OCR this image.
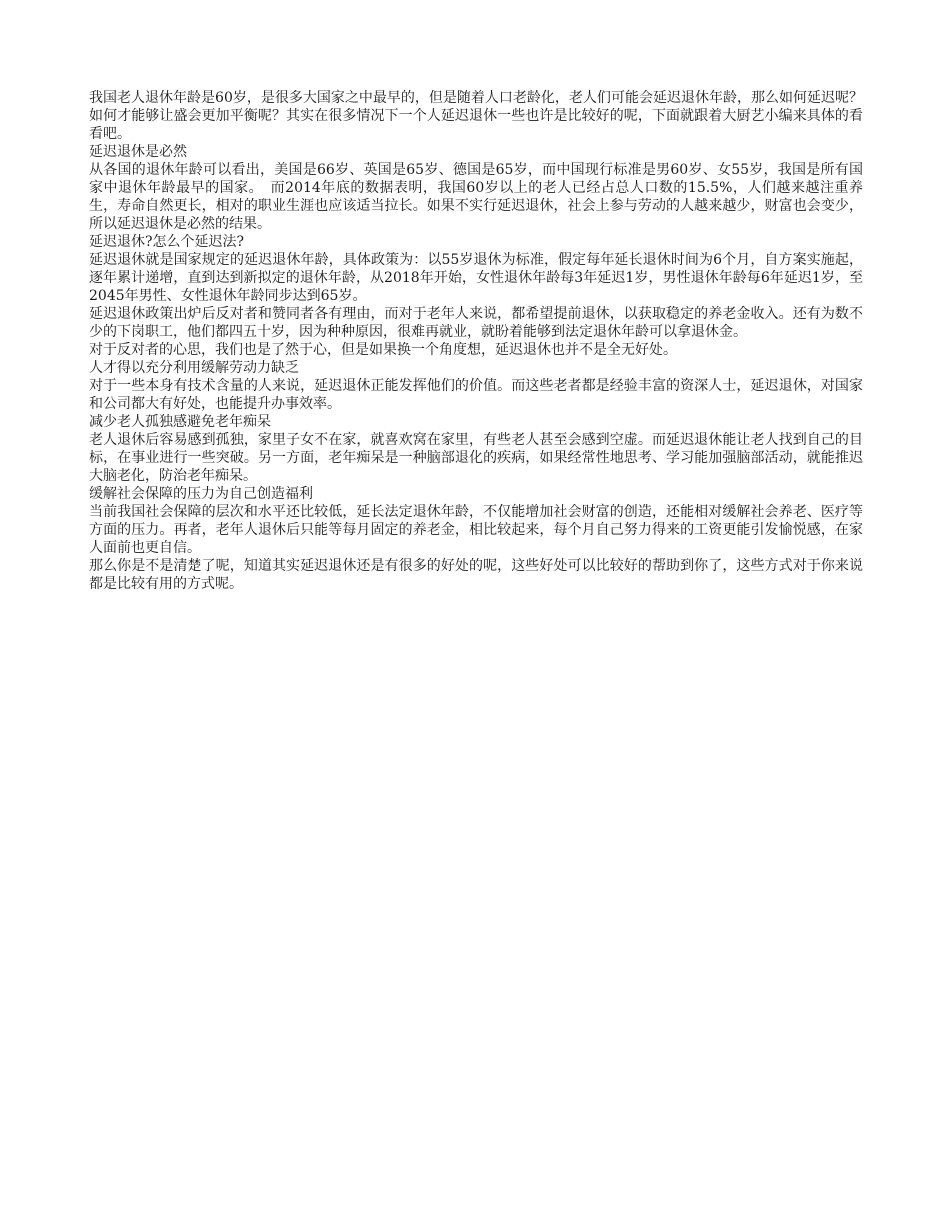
我国老人退休年龄是60岁，是很多大国家之中最早的，但是随着人口老龄化，老人们可能会延迟退休年龄，那么如何延迟呢？如何才能够让盛会更加平衡呢？其实在很多情况下一个人延迟退休一些也许是比较好的呢，下面就跟着大厨艺小编来具体的看看吧。

延迟退休是必然

从各国的退休年龄可以看出，美国是66岁、英国是65岁、德国是65岁，而中国现行标准是男60岁、女55岁，我国是所有国家中退休年龄最早的国家。　而2014年底的数据表明，我国60岁以上的老人已经占总人口数的15.5%，人们越来越注重养生，寿命自然更长，相对的职业生涯也应该适当拉长。如果不实行延迟退休，社会上参与劳动的人越来越少，财富也会变少，所以延迟退休是必然的结果。

延迟退休?怎么个延迟法?

延迟退休就是国家规定的延迟退休年龄，具体政策为：以55岁退休为标准，假定每年延长退休时间为6个月，自方案实施起，逐年累计递增，直到达到新拟定的退休年龄，从2018年开始，女性退休年龄每3年延迟1岁，男性退休年龄每6年延迟1岁，至2045年男性、女性退休年龄同步达到65岁。

延迟退休政策出炉后反对者和赞同者各有理由，而对于老年人来说，都希望提前退休，以获取稳定的养老金收入。还有为数不少的下岗职工，他们都四五十岁，因为种种原因，很难再就业，就盼着能够到法定退休年龄可以拿退休金。

对于反对者的心思，我们也是了然于心，但是如果换一个角度想，延迟退休也并不是全无好处。

人才得以充分利用缓解劳动力缺乏

对于一些本身有技术含量的人来说，延迟退休正能发挥他们的价值。而这些老者都是经验丰富的资深人士，延迟退休，对国家和公司都大有好处，也能提升办事效率。

减少老人孤独感避免老年痴呆

老人退休后容易感到孤独，家里子女不在家，就喜欢窝在家里，有些老人甚至会感到空虚。而延迟退休能让老人找到自己的目标，在事业进行一些突破。另一方面，老年痴呆是一种脑部退化的疾病，如果经常性地思考、学习能加强脑部活动，就能推迟大脑老化，防治老年痴呆。

缓解社会保障的压力为自己创造福利

当前我国社会保障的层次和水平还比较低，延长法定退休年龄，不仅能增加社会财富的创造，还能相对缓解社会养老、医疗等方面的压力。再者，老年人退休后只能等每月固定的养老金，相比较起来，每个月自己努力得来的工资更能引发愉悦感，在家人面前也更自信。

那么你是不是清楚了呢，知道其实延迟退休还是有很多的好处的呢，这些好处可以比较好的帮助到你了，这些方式对于你来说都是比较有用的方式呢。
